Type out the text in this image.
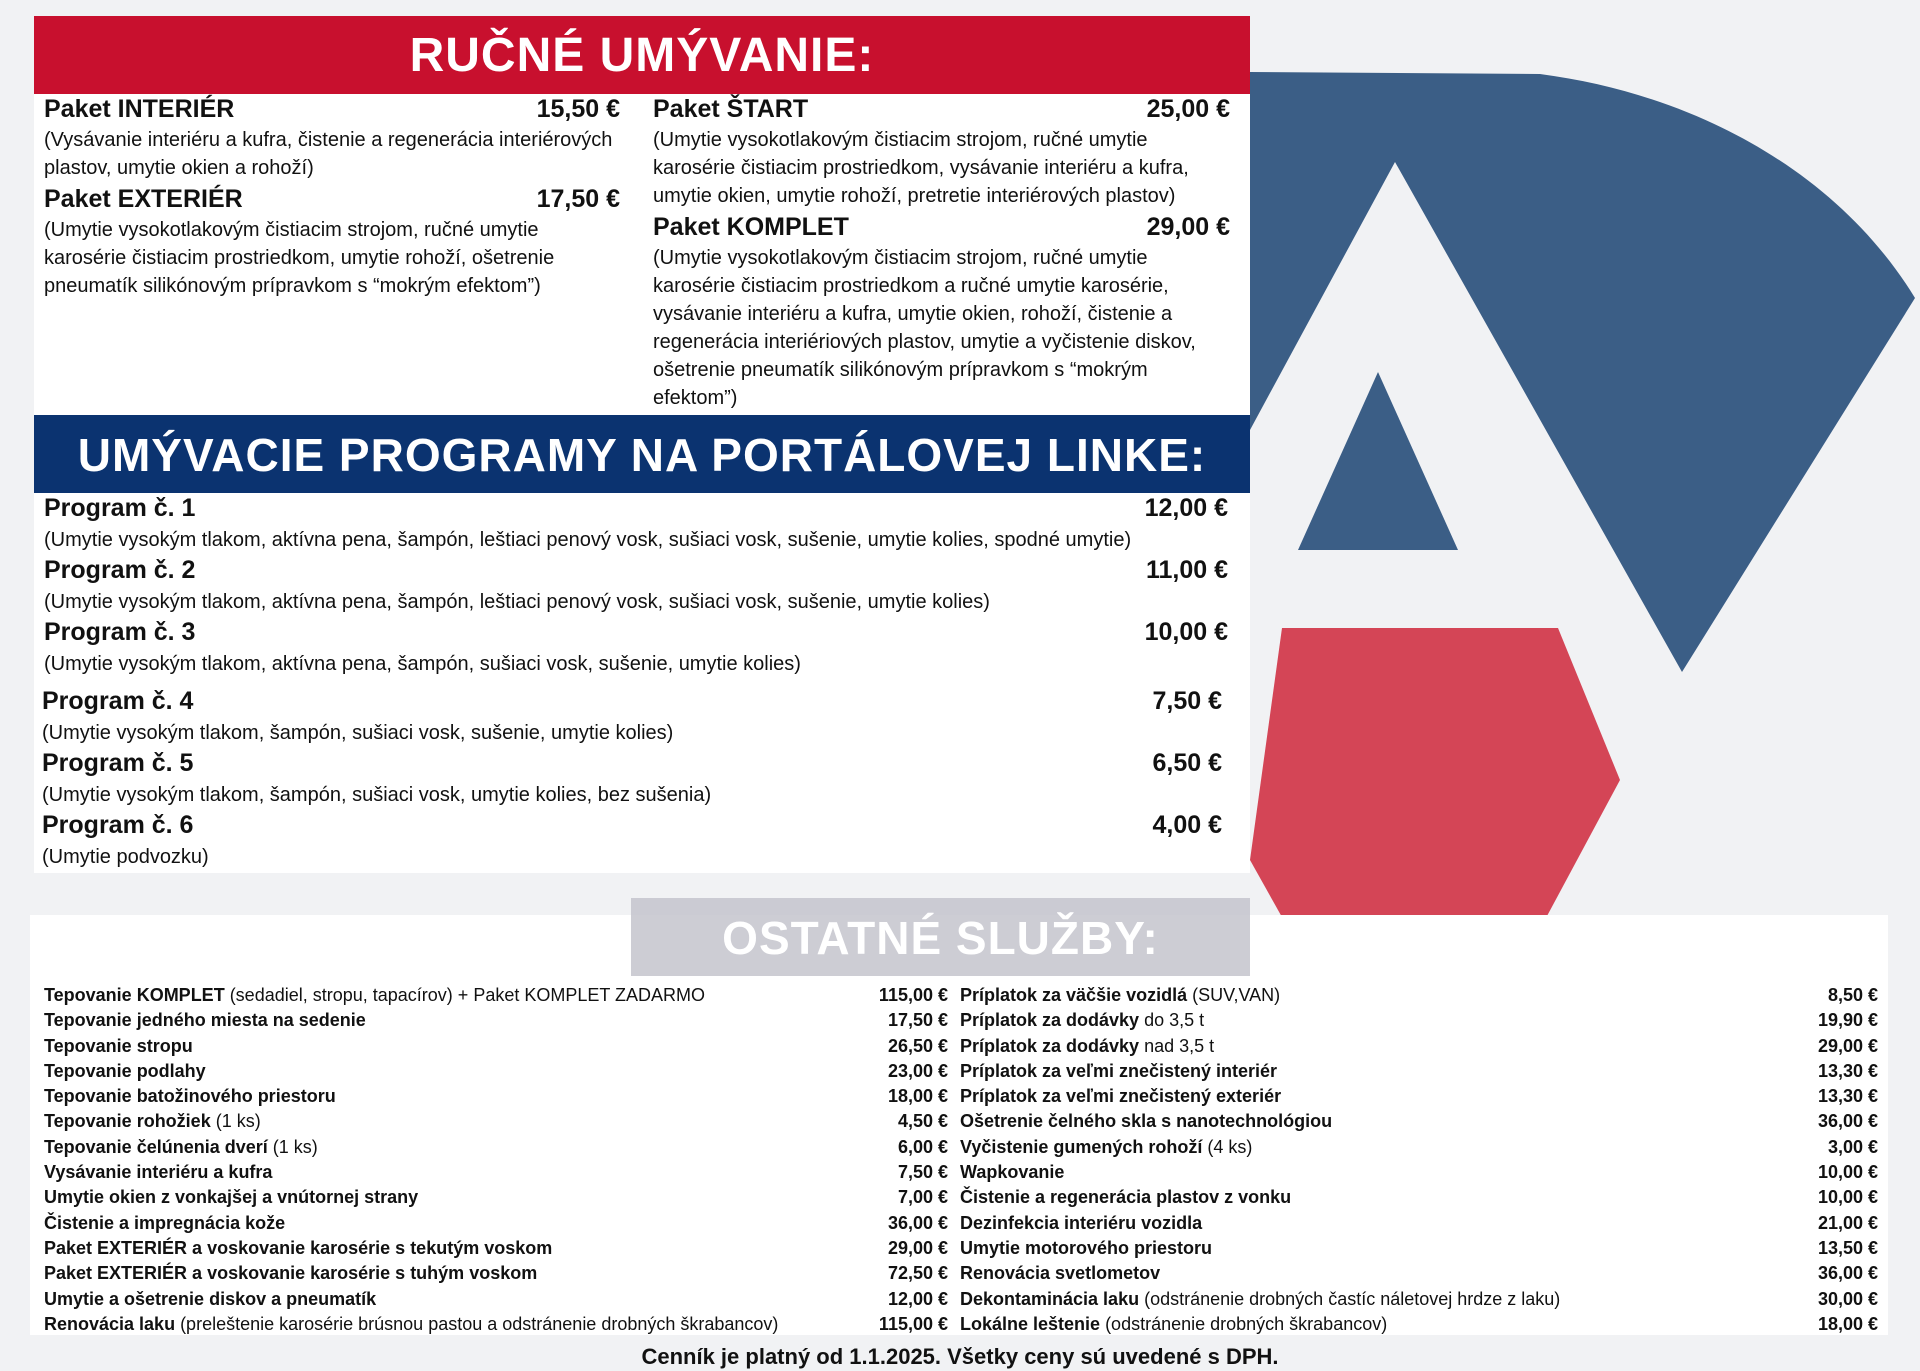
RUČNÉ UMÝVANIE:
UMÝVACIE PROGRAMY NA PORTÁLOVEJ LINKE:
OSTATNÉ SLUŽBY:
Paket INTERIÉR	15,50 €
(Vysávanie interiéru a kufra, čistenie a regenerácia interiérových plastov, umytie okien a rohoží)
Paket EXTERIÉR	17,50 €
(Umytie vysokotlakovým čistiacim strojom, ručné umytie karosérie čistiacim prostriedkom, umytie rohoží, ošetrenie pneumatík silikónovým prípravkom s “mokrým efektom”)
Paket ŠTART	25,00 €
(Umytie vysokotlakovým čistiacim strojom, ručné umytie karosérie čistiacim prostriedkom, vysávanie interiéru a kufra, umytie okien, umytie rohoží, pretretie interiérových plastov)
Paket KOMPLET	29,00 €
(Umytie vysokotlakovým čistiacim strojom, ručné umytie karosérie čistiacim prostriedkom a ručné umytie karosérie, vysávanie interiéru a kufra, umytie okien, rohoží, čistenie a regenerácia interiériových plastov, umytie a vyčistenie diskov, ošetrenie pneumatík silikónovým prípravkom s “mokrým efektom”)
Program č. 1	12,00 €
(Umytie vysokým tlakom, aktívna pena, šampón, leštiaci penový vosk, sušiaci vosk, sušenie, umytie kolies, spodné umytie)
Program č. 2	11,00 €
(Umytie vysokým tlakom, aktívna pena, šampón, leštiaci penový vosk, sušiaci vosk, sušenie, umytie kolies)
Program č. 3	10,00 €
(Umytie vysokým tlakom, aktívna pena, šampón, sušiaci vosk, sušenie, umytie kolies)
Program č. 4	7,50 €
(Umytie vysokým tlakom, šampón, sušiaci vosk, sušenie, umytie kolies)
Program č. 5	6,50 €
(Umytie vysokým tlakom, šampón, sušiaci vosk, umytie kolies, bez sušenia)
Program č. 6	4,00 €
(Umytie podvozku)
Tepovanie KOMPLET (sedadiel, stropu, tapacírov) + Paket KOMPLET ZADARMO	115,00 €
Tepovanie jedného miesta na sedenie	17,50 €
Tepovanie stropu	26,50 €
Tepovanie podlahy	23,00 €
Tepovanie batožinového priestoru	18,00 €
Tepovanie rohožiek (1 ks)	4,50 €
Tepovanie čelúnenia dverí (1 ks)	6,00 €
Vysávanie interiéru a kufra	7,50 €
Umytie okien z vonkajšej a vnútornej strany	7,00 €
Čistenie a impregnácia kože	36,00 €
Paket EXTERIÉR a voskovanie karosérie s tekutým voskom	29,00 €
Paket EXTERIÉR a voskovanie karosérie s tuhým voskom	72,50 €
Umytie a ošetrenie diskov a pneumatík	12,00 €
Renovácia laku (preleštenie karosérie brúsnou pastou a odstránenie drobných škrabancov)	115,00 €
Príplatok za väčšie vozidlá (SUV,VAN)	8,50 €
Príplatok za dodávky do 3,5 t	19,90 €
Príplatok za dodávky nad 3,5 t	29,00 €
Príplatok za veľmi znečistený interiér	13,30 €
Príplatok za veľmi znečistený exteriér	13,30 €
Ošetrenie čelného skla s nanotechnológiou	36,00 €
Vyčistenie gumených rohoží (4 ks)	3,00 €
Wapkovanie	10,00 €
Čistenie a regenerácia plastov z vonku	10,00 €
Dezinfekcia interiéru vozidla	21,00 €
Umytie motorového priestoru	13,50 €
Renovácia svetlometov	36,00 €
Dekontaminácia laku (odstránenie drobných častíc náletovej hrdze z laku)	30,00 €
Lokálne leštenie (odstránenie drobných škrabancov)	18,00 €
Cenník je platný od 1.1.2025. Všetky ceny sú uvedené s DPH.
